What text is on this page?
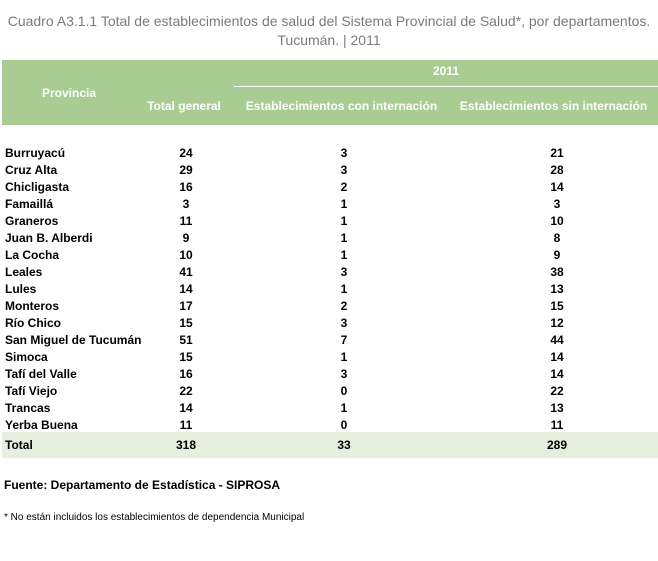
Cuadro A3.1.1 Total de establecimientos de salud del Sistema Provincial de Salud*, por departamentos. Tucumán. | 2011
Provincia
2011
Total general	Establecimientos con internación	Establecimientos sin internación
Burruyacú	24	3	21
Cruz Alta	29	3	28
Chicligasta	16	2	14
Famaillá	3	1	3
Graneros	11	1	10
Juan B. Alberdi	9	1	8
La Cocha	10	1	9
Leales	41	3	38
Lules	14	1	13
Monteros	17	2	15
Río Chico	15	3	12
San Miguel de Tucumán	51	7	44
Simoca	15	1	14
Tafí del Valle	16	3	14
Tafí Viejo	22	0	22
Trancas	14	1	13
Yerba Buena	11	0	11
Total	318	33	289
Fuente: Departamento de Estadística - SIPROSA
* No están incluidos los establecimientos de dependencia Municipal
